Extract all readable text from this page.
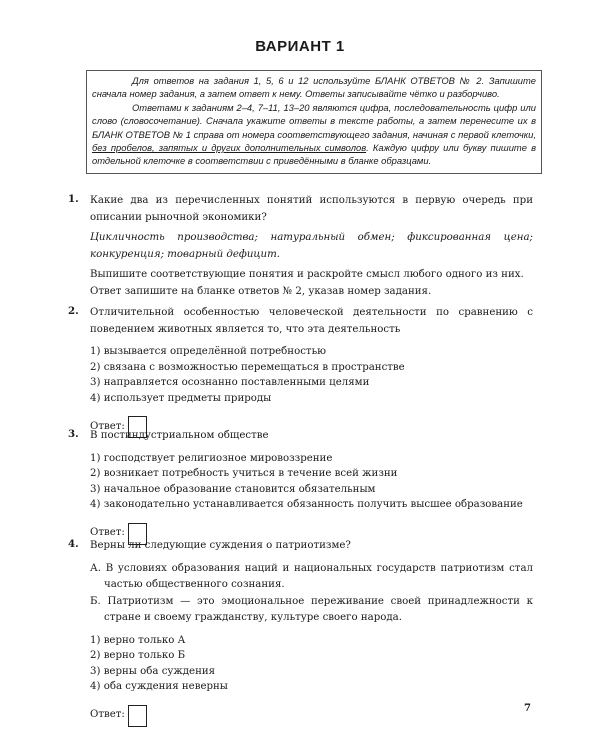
ВАРИАНТ 1

Для ответов на задания 1, 5, 6 и 12 используйте БЛАНК ОТВЕТОВ № 2. Запишите сначала номер задания, а затем ответ к нему. Ответы записывайте чётко и разборчиво.

Ответами к заданиям 2–4, 7–11, 13–20 являются цифра, последовательность цифр или слово (словосочетание). Сначала укажите ответы в тексте работы, а затем перенесите их в БЛАНК ОТВЕТОВ № 1 справа от номера соответствующего задания, начиная с первой клеточки, без пробелов, запятых и других дополнительных символов. Каждую цифру или букву пишите в отдельной клеточке в соответствии с приведёнными в бланке образцами.

1. Какие два из перечисленных понятий используются в первую очередь при описании рыночной экономики?

Цикличность производства; натуральный обмен; фиксированная цена; конкуренция; товарный дефицит.

Выпишите соответствующие понятия и раскройте смысл любого одного из них.

Ответ запишите на бланке ответов № 2, указав номер задания.

2. Отличительной особенностью человеческой деятельности по сравнению с поведением животных является то, что эта деятельность
1) вызывается определённой потребностью
2) связана с возможностью перемещаться в пространстве
3) направляется осознанно поставленными целями
4) использует предметы природы
Ответ:
3. В постиндустриальном обществе
1) господствует религиозное мировоззрение
2) возникает потребность учиться в течение всей жизни
3) начальное образование становится обязательным
4) законодательно устанавливается обязанность получить высшее образование
Ответ:
4. Верны ли следующие суждения о патриотизме?
А. В условиях образования наций и национальных государств патриотизм стал частью общественного сознания.
Б. Патриотизм — это эмоциональное переживание своей принадлежности к стране и своему гражданству, культуре своего народа.
1) верно только А
2) верно только Б
3) верны оба суждения
4) оба суждения неверны
Ответ:
7
